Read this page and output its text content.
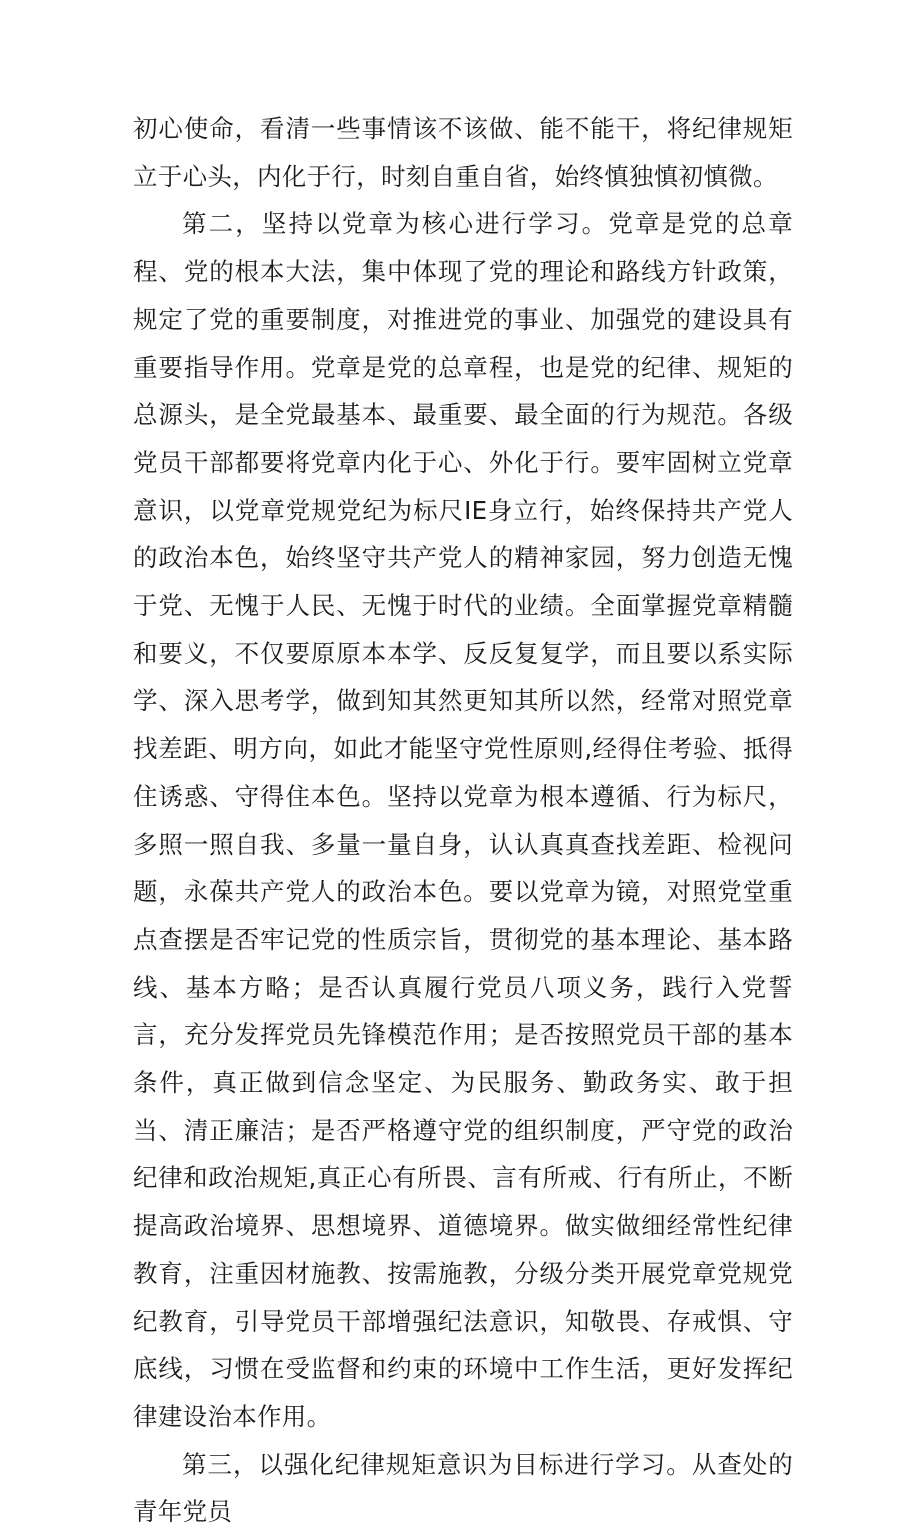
初心使命，看清一些事情该不该做、能不能干，将纪律规矩立于心头，内化于行，时刻自重自省，始终慎独慎初慎微。

第二，坚持以党章为核心进行学习。党章是党的总章程、党的根本大法，集中体现了党的理论和路线方针政策，规定了党的重要制度，对推进党的事业、加强党的建设具有重要指导作用。党章是党的总章程，也是党的纪律、规矩的总源头，是全党最基本、最重要、最全面的行为规范。各级党员干部都要将党章内化于心、外化于行。要牢固树立党章意识，以党章党规党纪为标尺IE身立行，始终保持共产党人的政治本色，始终坚守共产党人的精神家园，努力创造无愧于党、无愧于人民、无愧于时代的业绩。全面掌握党章精髓和要义，不仅要原原本本学、反反复复学，而且要以系实际学、深入思考学，做到知其然更知其所以然，经常对照党章找差距、明方向，如此才能坚守党性原则,经得住考验、抵得住诱惑、守得住本色。坚持以党章为根本遵循、行为标尺，多照一照自我、多量一量自身，认认真真查找差距、检视问题，永葆共产党人的政治本色。要以党章为镜，对照党堂重点查摆是否牢记党的性质宗旨，贯彻党的基本理论、基本路线、基本方略；是否认真履行党员八项义务，践行入党誓言，充分发挥党员先锋模范作用；是否按照党员干部的基本条件，真正做到信念坚定、为民服务、勤政务实、敢于担当、清正廉洁；是否严格遵守党的组织制度，严守党的政治纪律和政治规矩,真正心有所畏、言有所戒、行有所止，不断提高政治境界、思想境界、道德境界。做实做细经常性纪律教育，注重因材施教、按需施教，分级分类开展党章党规党纪教育，引导党员干部增强纪法意识，知敬畏、存戒惧、守底线，习惯在受监督和约束的环境中工作生活，更好发挥纪律建设治本作用。

第三，以强化纪律规矩意识为目标进行学习。从查处的青年党员
